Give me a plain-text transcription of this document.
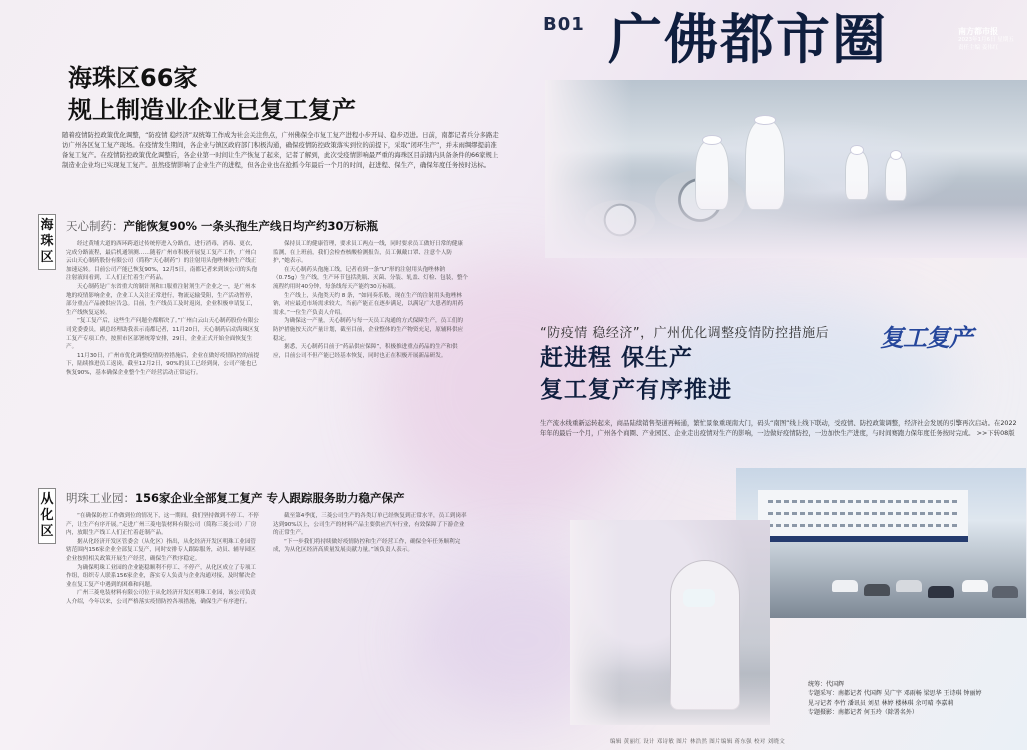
B01 广佛都市圈	南方都市报
2023年1月6日 星期五
责任主编 姜伟红
海珠区66家
规上制造业企业已复工复产
随着疫情防控政策优化调整，“防疫情 稳经济”双统筹工作成为社会关注焦点，广州佛保全市复工复产进程小步开局、稳步迈进。日前，南都记者兵分多路走访广州各区复工复产现场。在疫情发生期间，各企业与镇区政府部门积极沟通，确保疫情防控政策落实到位的前提下，采取“闭环生产”，并未雨绸缪提前准备复工复产。在疫情防控政策优化调整后，各企业第一时间让生产恢复了起来，记者了解到，此次受疫情影响最严重的海珠区目前辖内具备条件的66家规上制造业企业均已实现复工复产。虽然疫情影响了企业生产的进程，但各企业也在抢抓今年最后一个月的时间，赶进程、保生产，确保年度任务按时达标。
海珠区
天心制药：产能恢复90% 一条头孢生产线日均产约30万标瓶

经过黄埔大道的西环跨道过传统停进入分路直，进行消毒，消毒、更衣，完成分路流程，最后机通领测……随着广州市积极开展复工复产工作，广州白云山天心制药股份有限公司（简称“天心制药”）的注射用头孢唑林钠生产线正加速运转。目前公司产能已恢复90%，12月5日，南都记者来到该公司的头孢注射液间看到，工人们正忙着生产药品。

天心制药是广东省重大的制针剂和口服重注射剂生产企业之一，是广州本地的疫情影响企业，企业工人关注正常进行，物流运输受阻，生产活动暂停，部分重点产品被供应告急。目前，生产线员工及时返岗，企业积极申请复工，生产线恢复运转。

“复工复产后，这些生产问题全都解决了。”广州白云山天心制药股份有限公司党委委员，副总经理助我表示南都记者，11月20日，天心制药启动海珠区复工复产专项工作，按照市区部署统筹安排，29日，企业正式开始全面恢复生产。

11月30日，广州市优化调整疫情防控措施后，企业在做好疫情防控的前提下，陆续推进员工返岗，截至12月2日，90%的员工已经到岗，公司产能也已恢复90%，基本确保企业整个生产经营活动正常运行。

保持员工的健康管理，要求员工两点一线，同时要求员工做好日常的健康监测，在上班前，我们会检查核酸检测报告，员工佩戴口罩、注意个人防护，”她表示。

在天心制药头孢施工线，记者看到一条“U”形的注射用头孢唑林钠（0.75g）生产线，生产环节包括洗瓶、灭菌、分装、轧盖、灯检、包装，整个流程约用时40分钟，每条线每天产能约30万标瓶。

生产线上，头孢类天约 8 条，“如同奏乐般，现在生产的注射用头孢唑林钠，对应最近市场需求较大，当前产能正在逐步满足，以满足广大患者的用药需求。”一位生产负责人介绍。

为确保这一产量，天心制药与每一天员工沟通的方式保障生产，员工们的防护措施按天次产量计划，截至目前，企业整体的生产物资充足，原辅料供应稳定。

据悉，天心制药目前于“药品供应保障”，积极推进重点药品的生产和供应，目前公司不但产能已经基本恢复，同时也正在积极开展新品研发。

从化区
明珠工业园：156家企业全部复工复产 专人跟踪服务助力稳产保产

“在确保防控工作做到位的情况下，这一期间，我们坚持做到不停工、不停产，让生产有序开展。”走进广州三菱电装材料有限公司（简称三菱公司）厂房内，放眼生产线工人们正忙着赶制产品。

据从化经济开发区管委会（从化区）指出，从化经济开发区明珠工业园管辖范围内156家企业全部复工复产，同时安排专人跟踪服务，动员、辅导园区企业按照相关政策开展生产经营，确保生产秩序稳定。

为确保明珠工业园的企业能稳顺利不停工、不停产，从化区成立了专项工作组，组织专人联系156家企业，落实专人负责与企业沟通对接，及时解决企业在复工复产中遇到的困难和问题。

广州三菱电装材料有限公司位于从化经济开发区明珠工业园，该公司负责人介绍，今年以来，公司严格落实疫情防控各项措施，确保生产有序进行。

截至第4季度，三菱公司生产的各类订单已经恢复到正常水平，员工到岗率达到90%以上，公司生产的材料产品主要供应汽车行业，有效保障了下游企业的正常生产。

“下一步我们将持续做好疫情防控和生产经营工作，确保全年任务顺利完成，为从化区经济高质量发展贡献力量。”该负责人表示。

“防疫情 稳经济”，广州优化调整疫情防控措施后
赶进程 保生产
复工复产有序推进
复工复产
生产流水线重新运转起来，商品陆续销售渠道再畅通，繁忙景象重现南大门，码头“南图”线上线下联动，受疫情、防控政策调整，经济社会发展的引擎再次启动。在2022年年的最后一个月，广州各个商圈、产业园区、企业走出疫情对生产的影响，一边做好疫情防控，一边加快生产进度，与时间赛跑力保年度任务按时完成。 >>下转08版
统筹：代国辉
专题采写：南都记者 代国辉 吴广宇 邓雨畅 梁思华 王诗琪 钟丽婷
见习记者 李竹 潘讯员 刘星 林婷 楼林琪 余可晴 李嘉莉
专题摄影：南都记者 何玉玲（除署名外）
编辑 黄丽红 设计 邓诗敏 图片 林浩然 图片编辑 蒋东强 校对 刘晓文
